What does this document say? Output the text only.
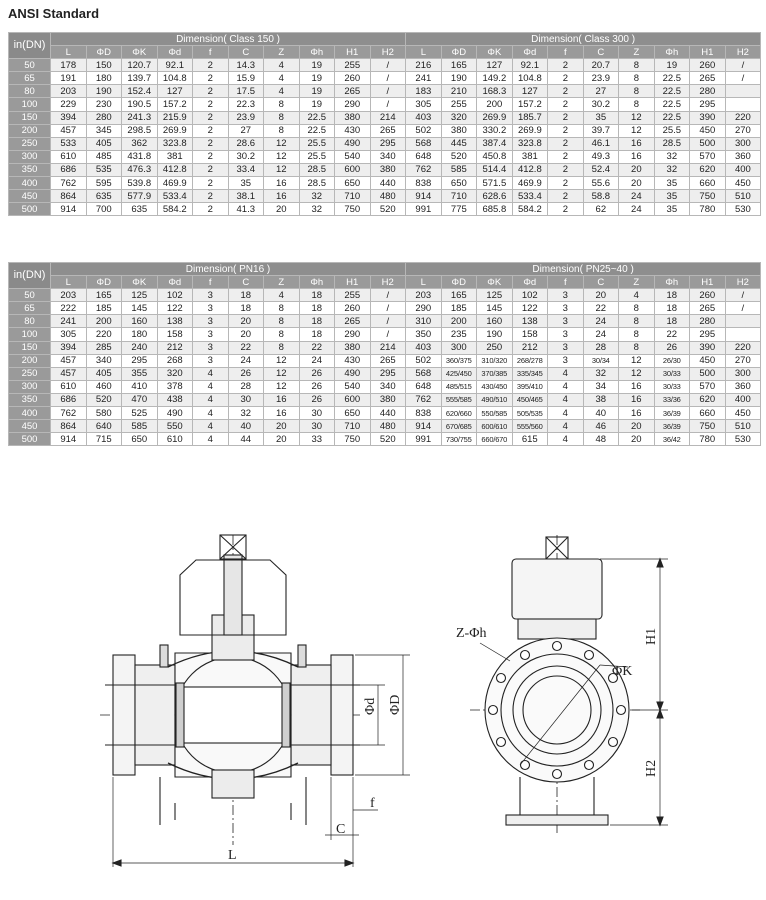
ANSI Standard
in(DN)	Dimension( Class 150 )										Dimension( Class 300 )									
	L	ΦD	ΦK	Φd	f	C	Z	Φh	H1	H2	L	ΦD	ΦK	Φd	f	C	Z	Φh	H1	H2
50	178	150	120.7	92.1	2	14.3	4	19	255	/	216	165	127	92.1	2	20.7	8	19	260	/
65	191	180	139.7	104.8	2	15.9	4	19	260	/	241	190	149.2	104.8	2	23.9	8	22.5	265	/
80	203	190	152.4	127	2	17.5	4	19	265	/	183	210	168.3	127	2	27	8	22.5	280	
100	229	230	190.5	157.2	2	22.3	8	19	290	/	305	255	200	157.2	2	30.2	8	22.5	295	
150	394	280	241.3	215.9	2	23.9	8	22.5	380	214	403	320	269.9	185.7	2	35	12	22.5	390	220
200	457	345	298.5	269.9	2	27	8	22.5	430	265	502	380	330.2	269.9	2	39.7	12	25.5	450	270
250	533	405	362	323.8	2	28.6	12	25.5	490	295	568	445	387.4	323.8	2	46.1	16	28.5	500	300
300	610	485	431.8	381	2	30.2	12	25.5	540	340	648	520	450.8	381	2	49.3	16	32	570	360
350	686	535	476.3	412.8	2	33.4	12	28.5	600	380	762	585	514.4	412.8	2	52.4	20	32	620	400
400	762	595	539.8	469.9	2	35	16	28.5	650	440	838	650	571.5	469.9	2	55.6	20	35	660	450
450	864	635	577.9	533.4	2	38.1	16	32	710	480	914	710	628.6	533.4	2	58.8	24	35	750	510
500	914	700	635	584.2	2	41.3	20	32	750	520	991	775	685.8	584.2	2	62	24	35	780	530
in(DN)	Dimension( PN16 )										Dimension( PN25~40 )									
	L	ΦD	ΦK	Φd	f	C	Z	Φh	H1	H2	L	ΦD	ΦK	Φd	f	C	Z	Φh	H1	H2
50	203	165	125	102	3	18	4	18	255	/	203	165	125	102	3	20	4	18	260	/
65	222	185	145	122	3	18	8	18	260	/	290	185	145	122	3	22	8	18	265	/
80	241	200	160	138	3	20	8	18	265	/	310	200	160	138	3	24	8	18	280	
100	305	220	180	158	3	20	8	18	290	/	350	235	190	158	3	24	8	22	295	
150	394	285	240	212	3	22	8	22	380	214	403	300	250	212	3	28	8	26	390	220
200	457	340	295	268	3	24	12	24	430	265	502	360/375	310/320	268/278	3	30/34	12	26/30	450	270
250	457	405	355	320	4	26	12	26	490	295	568	425/450	370/385	335/345	4	32	12	30/33	500	300
300	610	460	410	378	4	28	12	26	540	340	648	485/515	430/450	395/410	4	34	16	30/33	570	360
350	686	520	470	438	4	30	16	26	600	380	762	555/585	490/510	450/465	4	38	16	33/36	620	400
400	762	580	525	490	4	32	16	30	650	440	838	620/660	550/585	505/535	4	40	16	36/39	660	450
450	864	640	585	550	4	40	20	30	710	480	914	670/685	600/610	555/560	4	46	20	36/39	750	510
500	914	715	650	610	4	44	20	33	750	520	991	730/755	660/670	615	4	48	20	36/42	780	530
L
C
f
Φd ΦD
Z-Φh
ΦK
H1
H2
